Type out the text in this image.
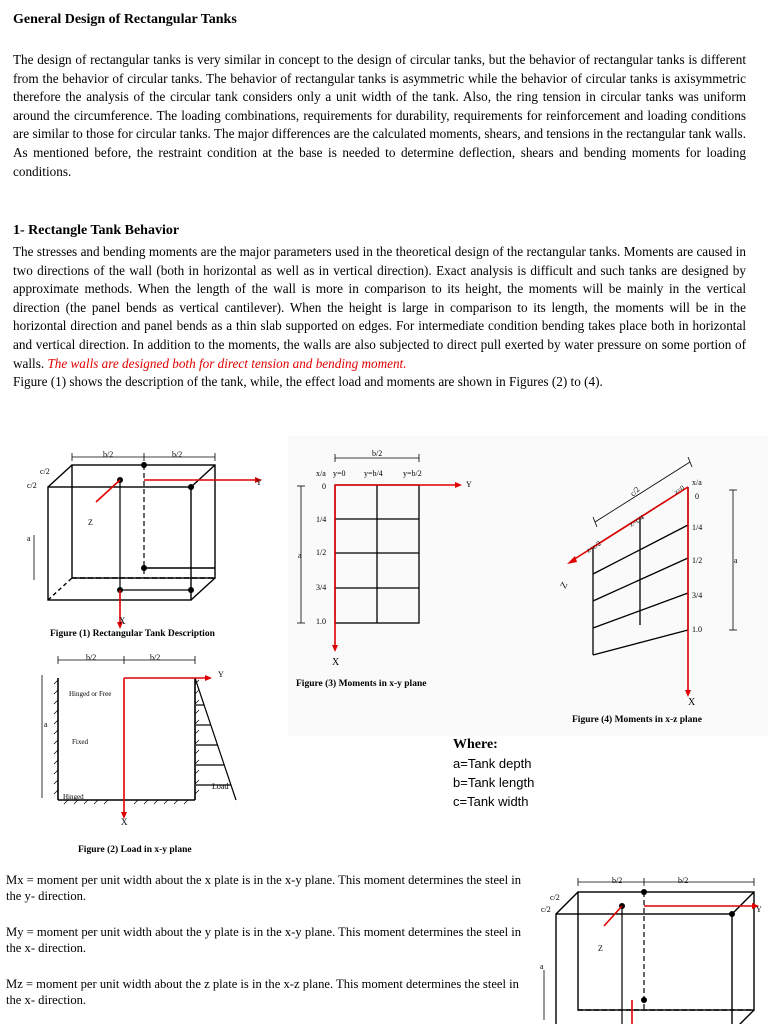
General Design of Rectangular Tanks
The design of rectangular tanks is very similar in concept to the design of circular tanks, but the behavior of rectangular tanks is different from the behavior of circular tanks. The behavior of rectangular tanks is asymmetric while the behavior of circular tanks is axisymmetric therefore the analysis of the circular tank considers only a unit width of the tank. Also, the ring tension in circular tanks was uniform around the circumference. The loading combinations, requirements for durability, requirements for reinforcement and loading conditions are similar to those for circular tanks. The major differences are the calculated moments, shears, and tensions in the rectangular tank walls. As mentioned before, the restraint condition at the base is needed to determine deflection, shears and bending moments for loading conditions.
1- Rectangle Tank Behavior
The stresses and bending moments are the major parameters used in the theoretical design of the rectangular tanks. Moments are caused in two directions of the wall (both in horizontal as well as in vertical direction). Exact analysis is difficult and such tanks are designed by approximate methods. When the length of the wall is more in comparison to its height, the moments will be mainly in the vertical direction (the panel bends as vertical cantilever). When the height is large in comparison to its length, the moments will be in the horizontal direction and panel bends as a thin slab supported on edges. For intermediate condition bending takes place both in horizontal and vertical direction. In addition to the moments, the walls are also subjected to direct pull exerted by water pressure on some portion of walls. The walls are designed both for direct tension and bending moment.
Figure (1) shows the description of the tank, while, the effect load and moments are shown in Figures (2) to (4).
b/2	b/2
c/2
c/2
a
Y
Z
X
Figure (1) Rectangular Tank Description
b/2	b/2
Y
Hinged or Free
a
Fixed
Load
Hinged
X
Figure (2) Load in x-y plane
b/2
x/a y=0 y=b/4	y=b/2
Y
0
1/4
1/2
a
3/4
1.0
X
Figure (3) Moments in x-y plane
c/2	z=0
z=c/4
z=c/2
x/a
0
1/4
1/2	a
3/4
1.0
Z
X
Figure (4) Moments in x-z plane
Where:
a=Tank depth
b=Tank length
c=Tank width
Mx = moment per unit width about the x plate is in the x-y plane. This moment determines the steel in the y- direction.
My = moment per unit width about the y plate is in the x-y plane. This moment determines the steel in the x- direction.
Mz = moment per unit width about the z plate is in the x-z plane. This moment determines the steel in the x- direction.
b/2	b/2
c/2
c/2	Y
Z
a
